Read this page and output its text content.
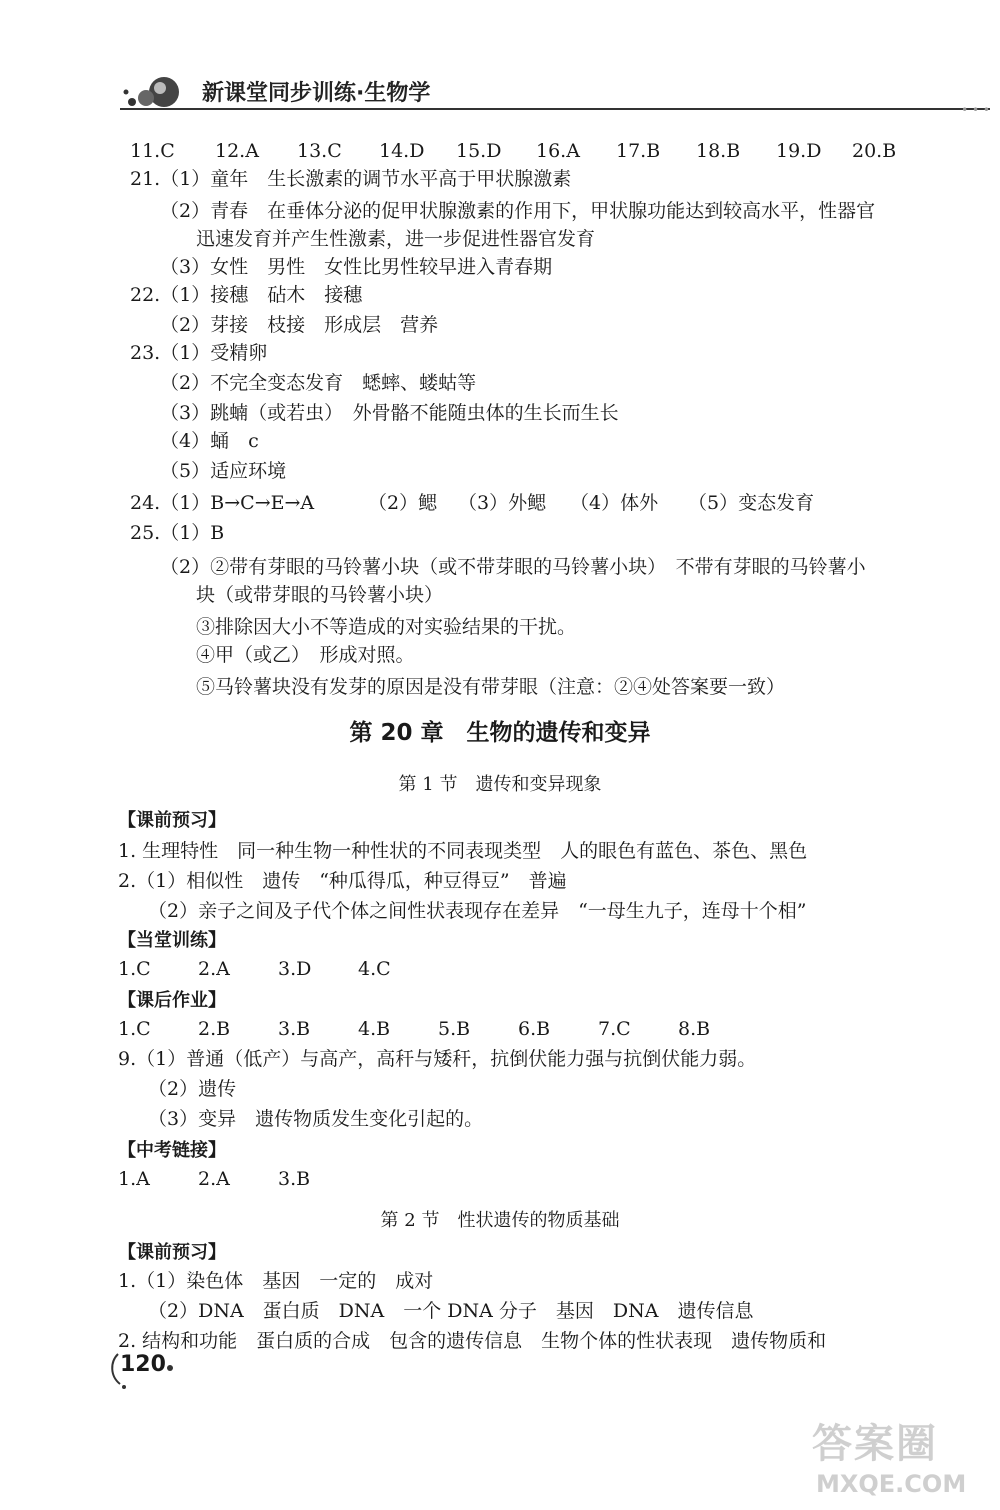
新课堂同步训练·生物学
• • •
11.C 12.A 13.C 14.D 15.D 16.A 17.B 18.B 19.D 20.B
21.（1）童年　生长激素的调节水平高于甲状腺激素
（2）青春　在垂体分泌的促甲状腺激素的作用下，甲状腺功能达到较高水平，性器官
迅速发育并产生性激素，进一步促进性器官发育
（3）女性　男性　女性比男性较早进入青春期
22.（1）接穗　砧木　接穗
（2）芽接　枝接　形成层　营养
23.（1）受精卵
（2）不完全变态发育　蟋蟀、蝼蛄等
（3）跳蝻（或若虫）　外骨骼不能随虫体的生长而生长
（4）蛹　c
（5）适应环境
24.（1）B→C→E→A	（2）鳃 （3）外鳃 （4）体外 （5）变态发育
25.（1）B
（2）②带有芽眼的马铃薯小块（或不带芽眼的马铃薯小块）　不带有芽眼的马铃薯小
块（或带芽眼的马铃薯小块）
③排除因大小不等造成的对实验结果的干扰。
④甲（或乙）　形成对照。
⑤马铃薯块没有发芽的原因是没有带芽眼（注意：②④处答案要一致）
第 20 章　生物的遗传和变异
第 1 节　遗传和变异现象
【课前预习】
1. 生理特性　同一种生物一种性状的不同表现类型　人的眼色有蓝色、茶色、黑色
2.（1）相似性　遗传　“种瓜得瓜，种豆得豆”　普遍
（2）亲子之间及子代个体之间性状表现存在差异　“一母生九子，连母十个相”
【当堂训练】
1.C 2.A	3.D 4.C
【课后作业】
1.C 2.B	3.B	4.B	5.B	6.B	7.C 8.B
9.（1）普通（低产）与高产，高秆与矮秆，抗倒伏能力强与抗倒伏能力弱。
（2）遗传
（3）变异　遗传物质发生变化引起的。
【中考链接】
1.A	2.A	3.B
第 2 节　性状遗传的物质基础
【课前预习】
1.（1）染色体　基因　一定的　成对
（2）DNA　蛋白质　DNA　一个 DNA 分子　基因　DNA　遗传信息
2. 结构和功能　蛋白质的合成　包含的遗传信息　生物个体的性状表现　遗传物质和
120
答案圈
MXQE.COM
